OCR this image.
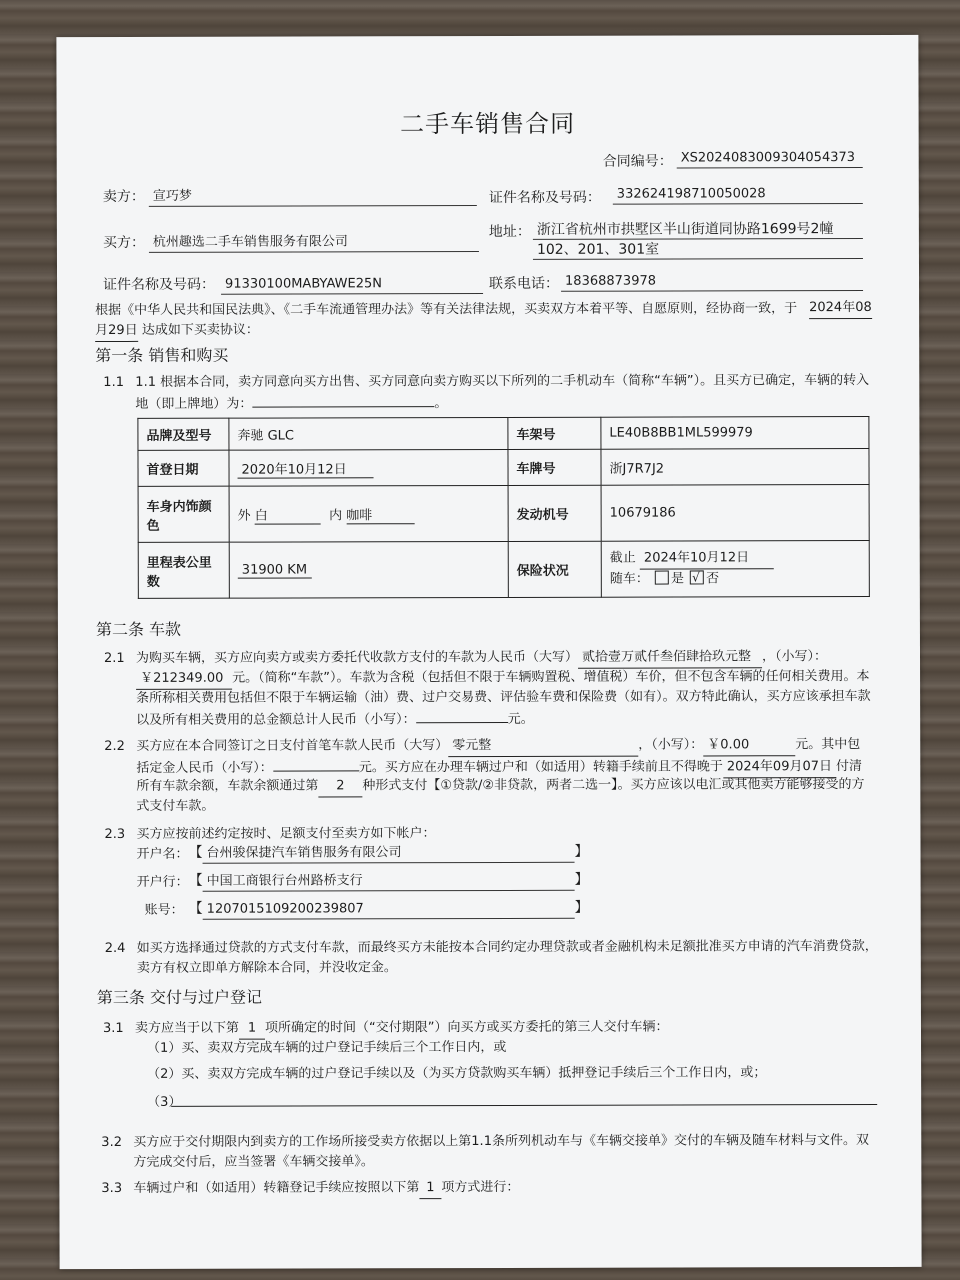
二手车销售合同
合同编号： XS2024083009304054373
卖方： 宣巧梦	证件名称及号码：	332624198710050028
买方： 杭州趣选二手车销售服务有限公司
地址： 浙江省杭州市拱墅区半山街道同协路1699号2幢
102、201、301室
证件名称及号码： 91330100MABYAWE25N	联系电话： 18368873978
根据《中华人民共和国民法典》、《二手车流通管理办法》等有关法律法规，买卖双方本着平等、自愿原则，经协商一致，于 2024年08
月29日 达成如下买卖协议：
第一条 销售和购买
1.1 1.1 根据本合同，卖方同意向买方出售、买方同意向卖方购买以下所列的二手机动车（简称“车辆”）。且买方已确定，车辆的转入
地（即上牌地）为：	。
品牌及型号	奔驰 GLC	车架号	LE40B8BB1ML599979
首登日期	2020年10月12日	车牌号	浙J7R7J2
车身内饰颜色	外 白 内 咖啡	发动机号	10679186
里程表公里数	31900 KM	保险状况	截止 2024年10月12日
随车： 是 √ 否
第二条 车款
2.1 为购买车辆，买方应向卖方或卖方委托代收款方支付的车款为人民币（大写） 贰拾壹万贰仟叁佰肆拾玖元整 ，（小写）：
￥212349.00 元。（简称“车款”）。车款为含税（包括但不限于车辆购置税、增值税）车价，但不包含车辆的任何相关费用。本
条所称相关费用包括但不限于车辆运输（油）费、过户交易费、评估验车费和保险费（如有）。双方特此确认，买方应该承担车款
以及所有相关费用的总金额总计人民币（小写）：	元。
2.2 买方应在本合同签订之日支付首笔车款人民币（大写） 零元整	，（小写）： ￥0.00	元。其中包
括定金人民币（小写）：	元。买方应在办理车辆过户和（如适用）转籍手续前且不得晚于 2024年09月07日 付清
所有车款余额，车款余额通过第 2 种形式支付【①贷款/②非贷款，两者二选一】。买方应该以电汇或其他卖方能够接受的方
式支付车款。
2.3 买方应按前述约定按时、足额支付至卖方如下帐户：
开户名： 【 台州骏保捷汽车销售服务有限公司	】
开户行： 【 中国工商银行台州路桥支行	】
账号： 【 1207015109200239807	】
2.4 如买方选择通过贷款的方式支付车款，而最终买方未能按本合同约定办理贷款或者金融机构未足额批准买方申请的汽车消费贷款，
卖方有权立即单方解除本合同，并没收定金。
第三条 交付与过户登记
3.1 卖方应当于以下第 1 项所确定的时间（“交付期限”）向买方或买方委托的第三人交付车辆：
（1）买、卖双方完成车辆的过户登记手续后三个工作日内，或
（2）买、卖双方完成车辆的过户登记手续以及（为买方贷款购买车辆）抵押登记手续后三个工作日内，或；
（3）
3.2 买方应于交付期限内到卖方的工作场所接受卖方依据以上第1.1条所列机动车与《车辆交接单》交付的车辆及随车材料与文件。双
方完成交付后，应当签署《车辆交接单》。
3.3 车辆过户和（如适用）转籍登记手续应按照以下第 1 项方式进行：
